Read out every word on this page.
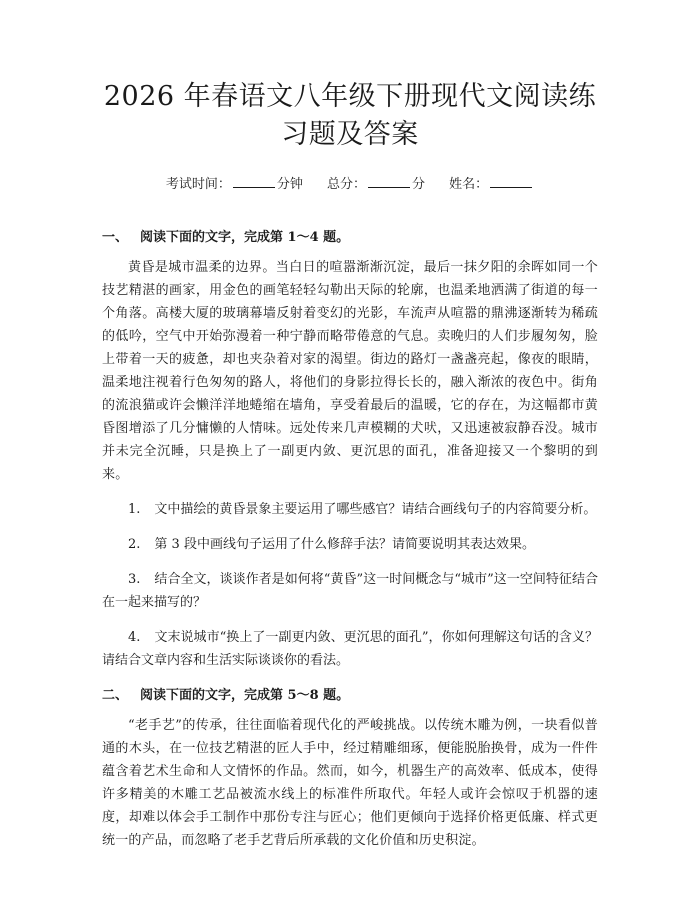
2026 年春语文八年级下册现代文阅读练习题及答案
考试时间：	分钟 总分：	分 姓名：
一、 阅读下面的文字，完成第 1～4 题。

黄昏是城市温柔的边界。当白日的喧嚣渐渐沉淀，最后一抹夕阳的余晖如同一个技艺精湛的画家，用金色的画笔轻轻勾勒出天际的轮廓，也温柔地洒满了街道的每一个角落。高楼大厦的玻璃幕墙反射着变幻的光影，车流声从喧嚣的鼎沸逐渐转为稀疏的低吟，空气中开始弥漫着一种宁静而略带倦意的气息。卖晚归的人们步履匆匆，脸上带着一天的疲惫，却也夹杂着对家的渴望。街边的路灯一盏盏亮起，像夜的眼睛，温柔地注视着行色匆匆的路人，将他们的身影拉得长长的，融入渐浓的夜色中。街角的流浪猫或许会懒洋洋地蜷缩在墙角，享受着最后的温暖，它的存在，为这幅都市黄昏图增添了几分慵懒的人情味。远处传来几声模糊的犬吠，又迅速被寂静吞没。城市并未完全沉睡，只是换上了一副更内敛、更沉思的面孔，准备迎接又一个黎明的到来。

1. 文中描绘的黄昏景象主要运用了哪些感官？请结合画线句子的内容简要分析。

2. 第 3 段中画线句子运用了什么修辞手法？请简要说明其表达效果。

3. 结合全文，谈谈作者是如何将“黄昏”这一时间概念与“城市”这一空间特征结合在一起来描写的？

4. 文末说城市“换上了一副更内敛、更沉思的面孔”，你如何理解这句话的含义？请结合文章内容和生活实际谈谈你的看法。

二、 阅读下面的文字，完成第 5～8 题。

“老手艺”的传承，往往面临着现代化的严峻挑战。以传统木雕为例，一块看似普通的木头，在一位技艺精湛的匠人手中，经过精雕细琢，便能脱胎换骨，成为一件件蕴含着艺术生命和人文情怀的作品。然而，如今，机器生产的高效率、低成本，使得许多精美的木雕工艺品被流水线上的标准件所取代。年轻人或许会惊叹于机器的速度，却难以体会手工制作中那份专注与匠心；他们更倾向于选择价格更低廉、样式更统一的产品，而忽略了老手艺背后所承载的文化价值和历史积淀。
